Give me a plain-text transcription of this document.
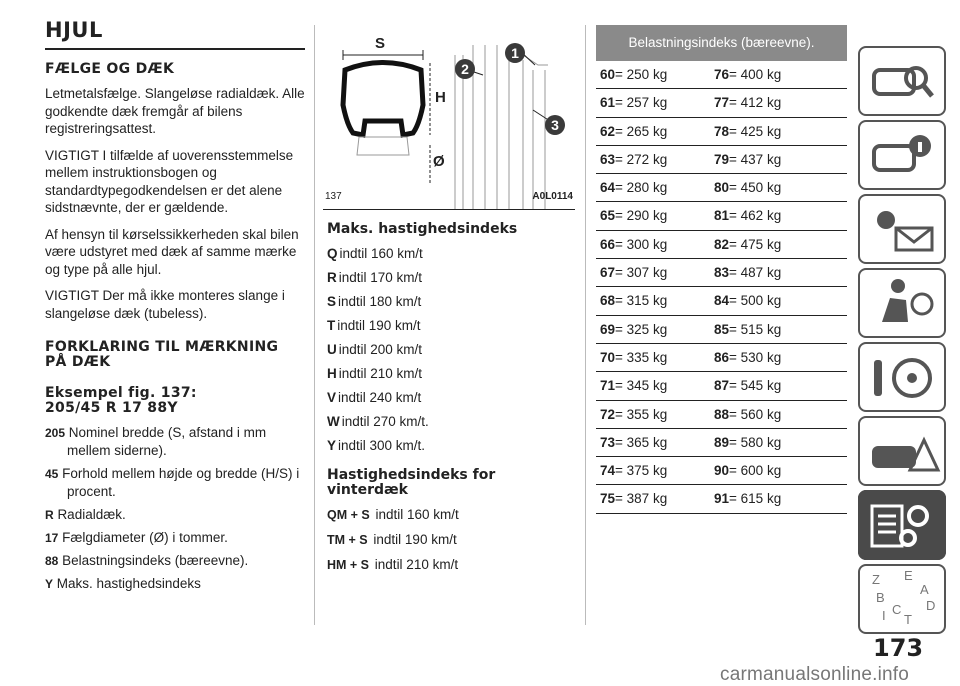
HJUL
FÆLGE OG DÆK

Letmetalsfælge. Slangeløse radialdæk. Alle godkendte dæk fremgår af bilens registreringsattest.

VIGTIGT I tilfælde af uoverensstemmelse mellem instruktionsbogen og standardtypegodkendelsen er det alene sidstnævnte, der er gældende.

Af hensyn til kørselssikkerheden skal bilen være udstyret med dæk af samme mærke og type på alle hjul.

VIGTIGT Der må ikke monteres slange i slangeløse dæk (tubeless).

FORKLARING TIL MÆRKNING PÅ DÆK
Eksempel fig. 137:
205/45 R 17 88Y
205 Nominel bredde (S, afstand i mm mellem siderne).
45 Forhold mellem højde og bredde (H/S) i procent.
R Radialdæk.
17 Fælgdiameter (Ø) i tommer.
88 Belastningsindeks (bæreevne).
Y Maks. hastighedsindeks
S
H
Ø
1
2
3
137	A0L0114
Maks. hastighedsindeks
Q indtil 160 km/t
R indtil 170 km/t
S indtil 180 km/t
T indtil 190 km/t
U indtil 200 km/t
H indtil 210 km/t
V indtil 240 km/t
W indtil 270 km/t.
Y indtil 300 km/t.
Hastighedsindeks for
vinterdæk
QM + S indtil 160 km/t
TM + S indtil 190 km/t
HM + S indtil 210 km/t
Belastningsindeks (bæreevne).
60= 250 kg	76= 400 kg
61= 257 kg	77= 412 kg
62= 265 kg	78= 425 kg
63= 272 kg	79= 437 kg
64= 280 kg	80= 450 kg
65= 290 kg	81= 462 kg
66= 300 kg	82= 475 kg
67= 307 kg	83= 487 kg
68= 315 kg	84= 500 kg
69= 325 kg	85= 515 kg
70= 335 kg	86= 530 kg
71= 345 kg	87= 545 kg
72= 355 kg	88= 560 kg
73= 365 kg	89= 580 kg
74= 375 kg	90= 600 kg
75= 387 kg	91= 615 kg
Z E
B
A
D
I C
T
173
carmanualsonline.info
